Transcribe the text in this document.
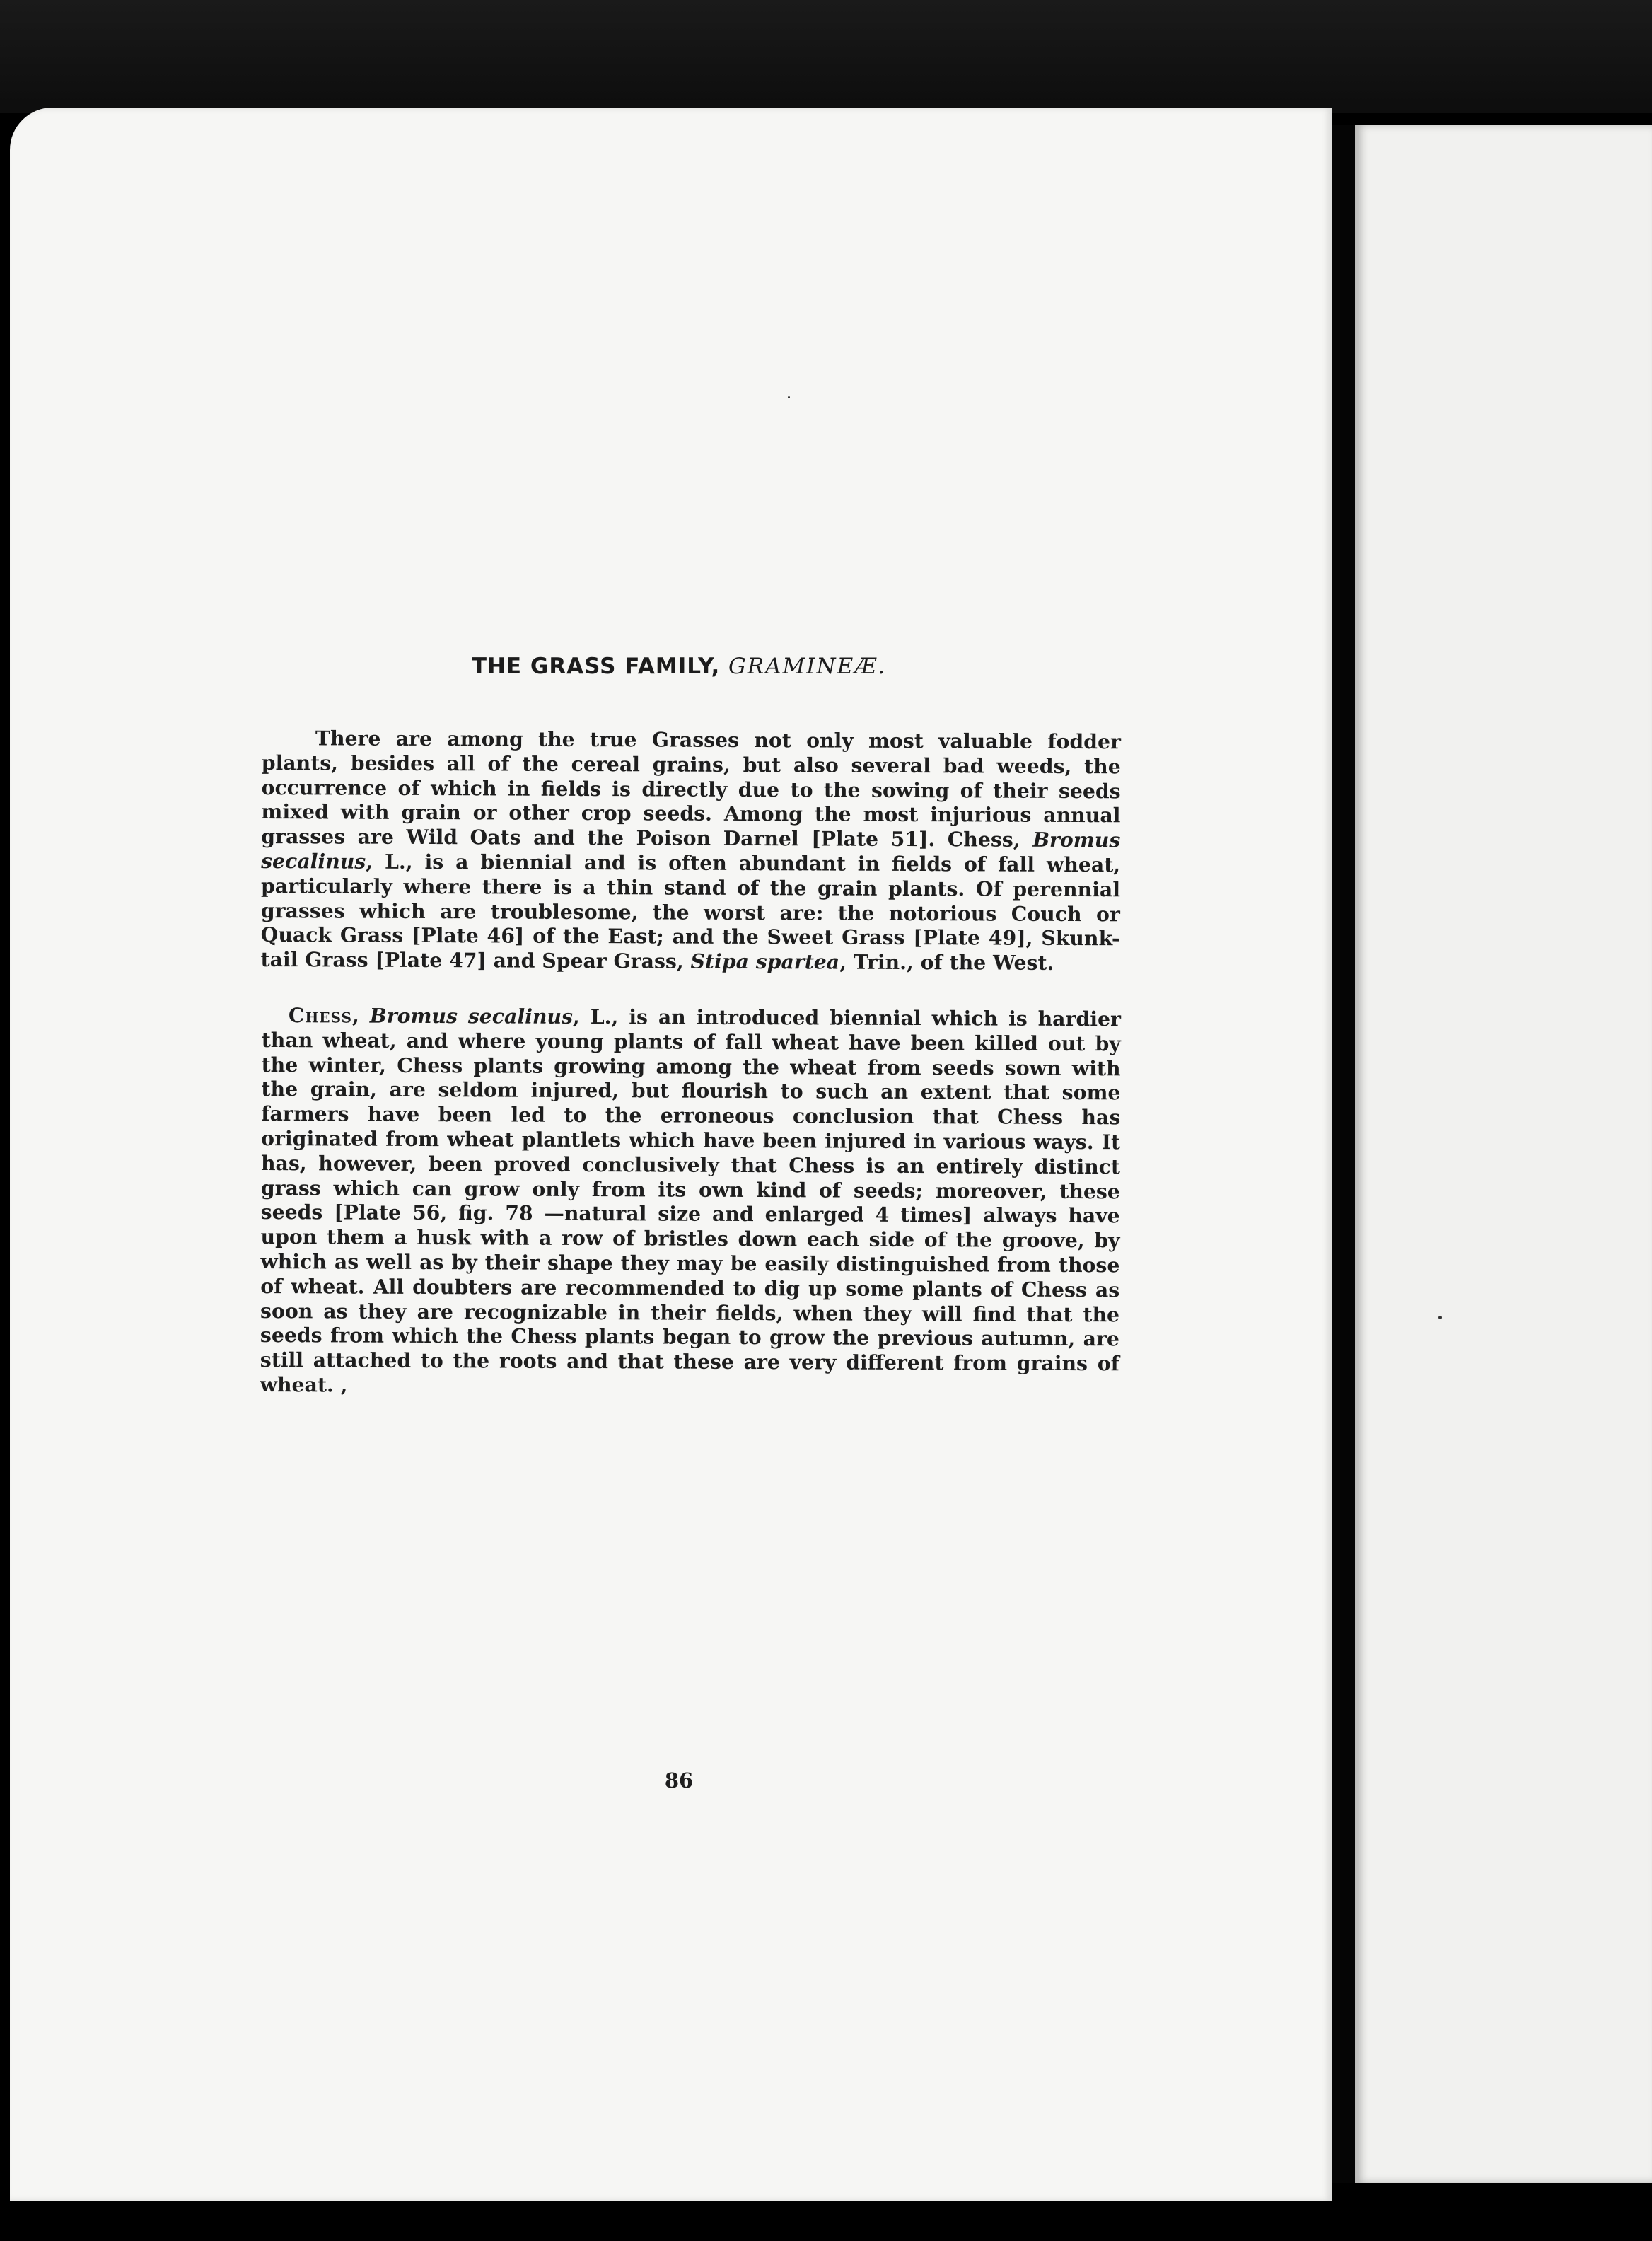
THE GRASS FAMILY, GRAMINEÆ.

There are among the true Grasses not only most valuable fodder plants, besides all of the cereal grains, but also several bad weeds, the occurrence of which in fields is directly due to the sowing of their seeds mixed with grain or other crop seeds. Among the most injurious annual grasses are Wild Oats and the Poison Darnel [Plate 51]. Chess, Bromus secalinus, L., is a biennial and is often abundant in fields of fall wheat, particularly where there is a thin stand of the grain plants. Of perennial grasses which are troublesome, the worst are: the notorious Couch or Quack Grass [Plate 46] of the East; and the Sweet Grass [Plate 49], Skunk-tail Grass [Plate 47] and Spear Grass, Stipa spartea, Trin., of the West.

Chess, Bromus secalinus, L., is an introduced biennial which is hardier than wheat, and where young plants of fall wheat have been killed out by the winter, Chess plants growing among the wheat from seeds sown with the grain, are seldom injured, but flourish to such an extent that some farmers have been led to the erroneous conclusion that Chess has originated from wheat plantlets which have been injured in various ways. It has, however, been proved conclusively that Chess is an entirely distinct grass which can grow only from its own kind of seeds; moreover, these seeds [Plate 56, fig. 78 —natural size and enlarged 4 times] always have upon them a husk with a row of bristles down each side of the groove, by which as well as by their shape they may be easily distinguished from those of wheat. All doubters are recommended to dig up some plants of Chess as soon as they are recognizable in their fields, when they will find that the seeds from which the Chess plants began to grow the previous autumn, are still attached to the roots and that these are very different from grains of wheat. ,

86
